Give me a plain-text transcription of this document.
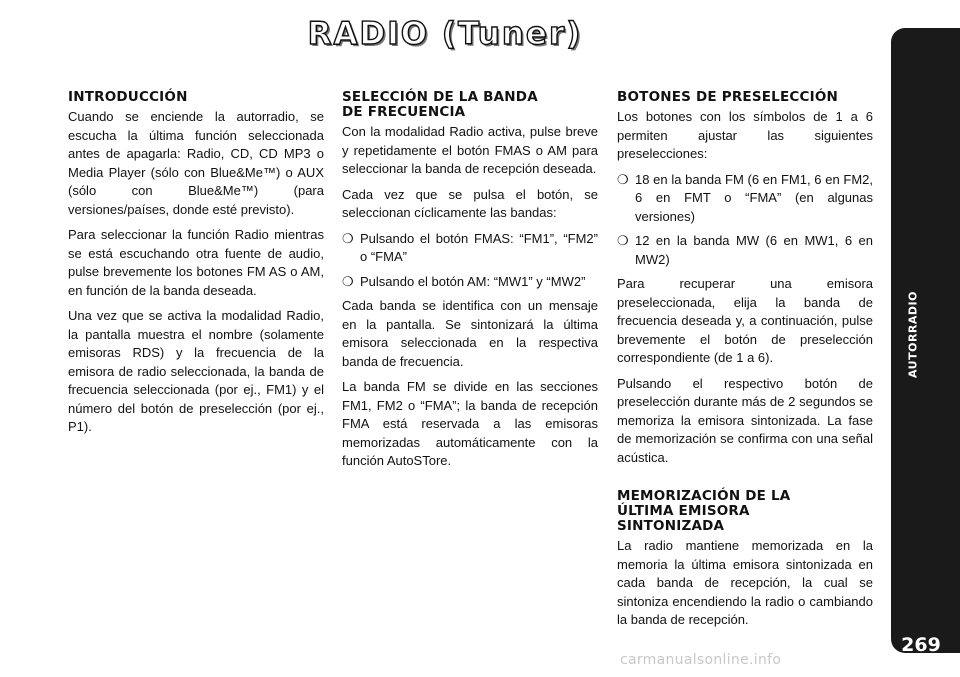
RADIO (Tuner)
INTRODUCCIÓN

Cuando se enciende la autorradio, se escucha la última función seleccionada antes de apagarla: Radio, CD, CD MP3 o Media Player (sólo con Blue&Me™) o AUX (sólo con Blue&Me™) (para versiones/países, donde esté previsto).

Para seleccionar la función Radio mientras se está escuchando otra fuente de audio, pulse brevemente los botones FM AS o AM, en función de la banda deseada.

Una vez que se activa la modalidad Radio, la pantalla muestra el nombre (solamente emisoras RDS) y la frecuencia de la emisora de radio seleccionada, la banda de frecuencia seleccionada (por ej., FM1) y el número del botón de preselección (por ej., P1).

SELECCIÓN DE LA BANDA
DE FRECUENCIA

Con la modalidad Radio activa, pulse breve y repetidamente el botón FMAS o AM para seleccionar la banda de recepción deseada.

Cada vez que se pulsa el botón, se seleccionan cíclicamente las bandas:

❍ Pulsando el botón FMAS: “FM1”, “FM2” o “FMA”
❍ Pulsando el botón AM: “MW1” y “MW2”

Cada banda se identifica con un mensaje en la pantalla. Se sintonizará la última emisora seleccionada en la respectiva banda de frecuencia.

La banda FM se divide en las secciones FM1, FM2 o “FMA”; la banda de recepción FMA está reservada a las emisoras memorizadas automáticamente con la función AutoSTore.

BOTONES DE PRESELECCIÓN

Los botones con los símbolos de 1 a 6 permiten ajustar las siguientes preselecciones:

❍ 18 en la banda FM (6 en FM1, 6 en FM2, 6 en FMT o “FMA” (en algunas versiones)
❍ 12 en la banda MW (6 en MW1, 6 en MW2)

Para recuperar una emisora preseleccionada, elija la banda de frecuencia deseada y, a continuación, pulse brevemente el botón de preselección correspondiente (de 1 a 6).

Pulsando el respectivo botón de preselección durante más de 2 segundos se memoriza la emisora sintonizada. La fase de memorización se confirma con una señal acústica.

MEMORIZACIÓN DE LA
ÚLTIMA EMISORA
SINTONIZADA

La radio mantiene memorizada en la memoria la última emisora sintonizada en cada banda de recepción, la cual se sintoniza encendiendo la radio o cambiando la banda de recepción.

269
carmanualsonline.info
